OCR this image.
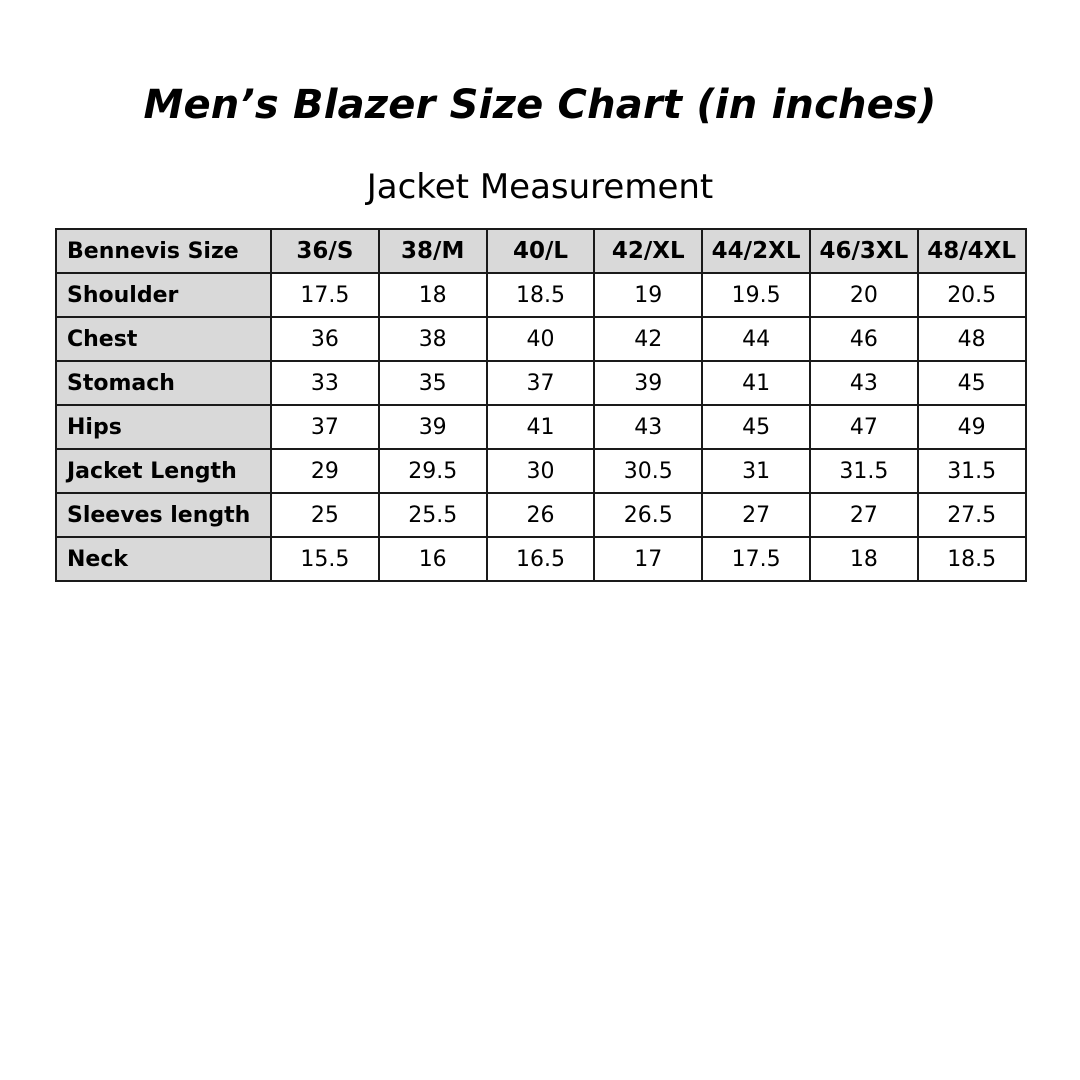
Men’s Blazer Size Chart (in inches)
Jacket Measurement
Bennevis Size	36/S	38/M	40/L	42/XL	44/2XL	46/3XL	48/4XL
Shoulder	17.5	18	18.5	19	19.5	20	20.5
Chest	36	38	40	42	44	46	48
Stomach	33	35	37	39	41	43	45
Hips	37	39	41	43	45	47	49
Jacket Length	29	29.5	30	30.5	31	31.5	31.5
Sleeves length	25	25.5	26	26.5	27	27	27.5
Neck	15.5	16	16.5	17	17.5	18	18.5
